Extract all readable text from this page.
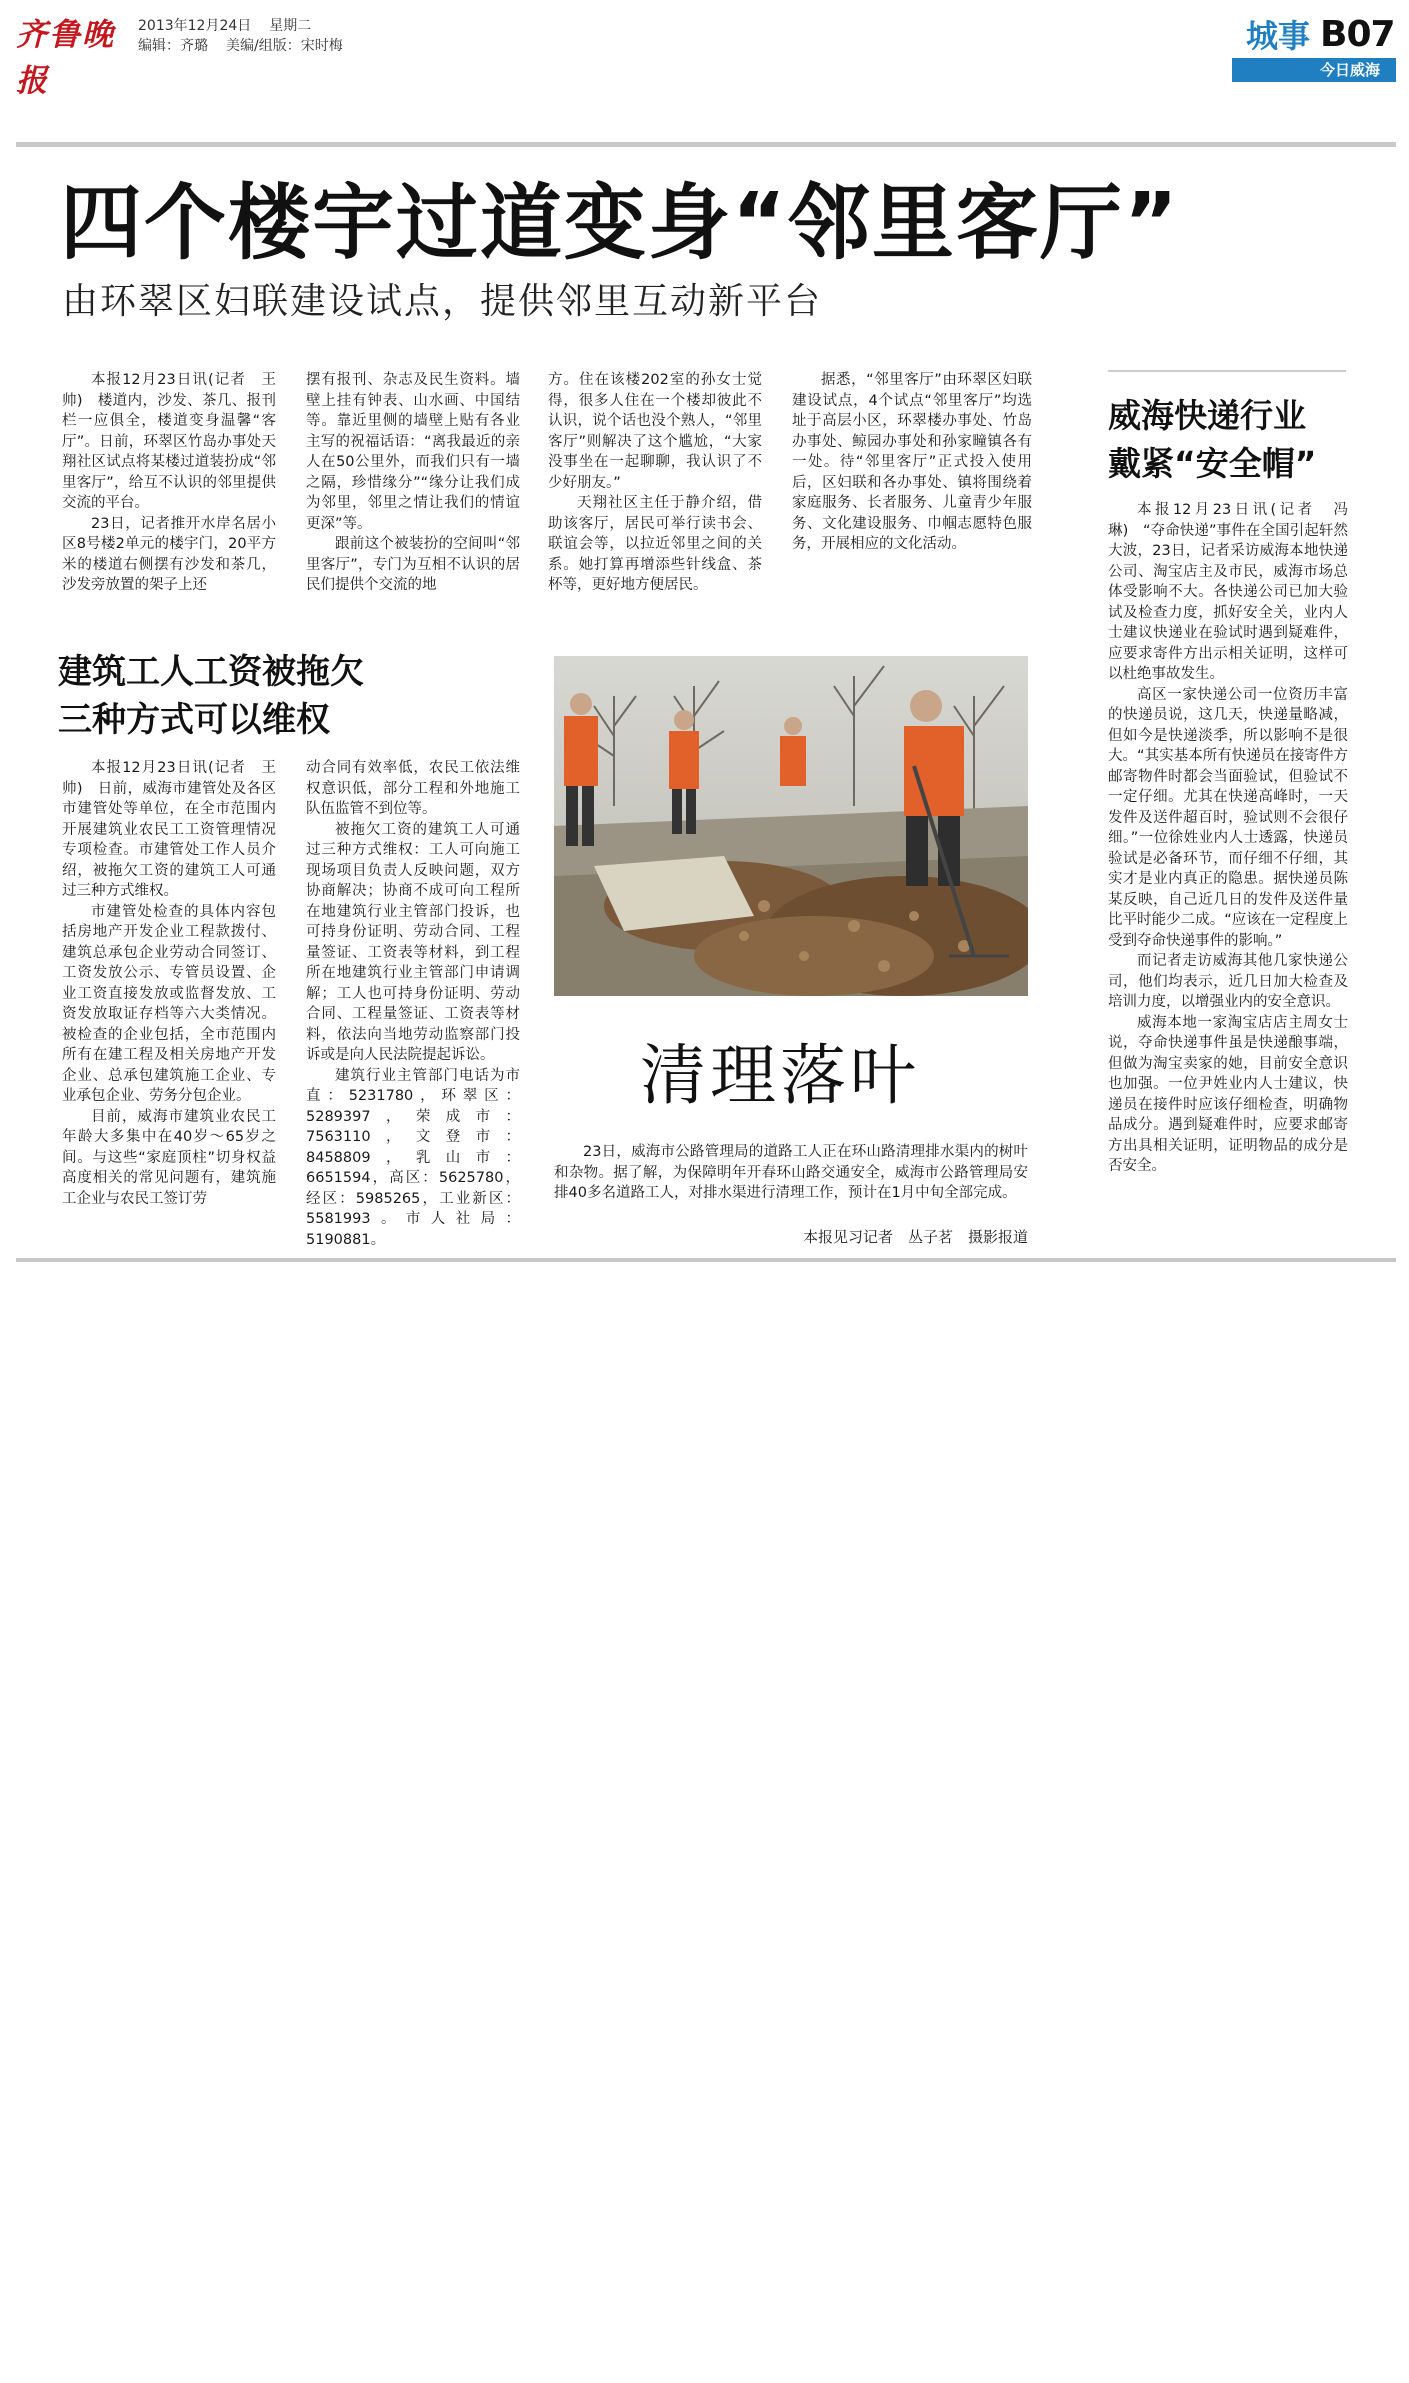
齐鲁晚报
2013年12月24日 星期二
编辑：齐璐 美编/组版：宋时梅	城事 B07
今日威海
四个楼宇过道变身“邻里客厅”
由环翠区妇联建设试点，提供邻里互动新平台

本报12月23日讯(记者　王帅)　楼道内，沙发、茶几、报刊栏一应俱全，楼道变身温馨“客厅”。日前，环翠区竹岛办事处天翔社区试点将某楼过道装扮成“邻里客厅”，给互不认识的邻里提供交流的平台。

23日，记者推开水岸名居小区8号楼2单元的楼宇门，20平方米的楼道右侧摆有沙发和茶几，沙发旁放置的架子上还

摆有报刊、杂志及民生资料。墙壁上挂有钟表、山水画、中国结等。靠近里侧的墙壁上贴有各业主写的祝福话语：“离我最近的亲人在50公里外，而我们只有一墙之隔，珍惜缘分”“缘分让我们成为邻里，邻里之情让我们的情谊更深”等。

跟前这个被装扮的空间叫“邻里客厅”，专门为互相不认识的居民们提供个交流的地

方。住在该楼202室的孙女士觉得，很多人住在一个楼却彼此不认识，说个话也没个熟人，“邻里客厅”则解决了这个尴尬，“大家没事坐在一起聊聊，我认识了不少好朋友。”

天翔社区主任于静介绍，借助该客厅，居民可举行读书会、联谊会等，以拉近邻里之间的关系。她打算再增添些针线盒、茶杯等，更好地方便居民。

据悉，“邻里客厅”由环翠区妇联建设试点，4个试点“邻里客厅”均选址于高层小区，环翠楼办事处、竹岛办事处、鲸园办事处和孙家疃镇各有一处。待“邻里客厅”正式投入使用后，区妇联和各办事处、镇将围绕着家庭服务、长者服务、儿童青少年服务、文化建设服务、巾帼志愿特色服务，开展相应的文化活动。

威海快递行业
戴紧“安全帽”

本报12月23日讯(记者　冯琳)　“夺命快递”事件在全国引起轩然大波，23日，记者采访威海本地快递公司、淘宝店主及市民，威海市场总体受影响不大。各快递公司已加大验试及检查力度，抓好安全关，业内人士建议快递业在验试时遇到疑难件，应要求寄件方出示相关证明，这样可以杜绝事故发生。

高区一家快递公司一位资历丰富的快递员说，这几天，快递量略减，但如今是快递淡季，所以影响不是很大。“其实基本所有快递员在接寄件方邮寄物件时都会当面验试，但验试不一定仔细。尤其在快递高峰时，一天发件及送件超百时，验试则不会很仔细。”一位徐姓业内人士透露，快递员验试是必备环节，而仔细不仔细，其实才是业内真正的隐患。据快递员陈某反映，自己近几日的发件及送件量比平时能少二成。“应该在一定程度上受到夺命快递事件的影响。”

而记者走访威海其他几家快递公司，他们均表示，近几日加大检查及培训力度，以增强业内的安全意识。

威海本地一家淘宝店店主周女士说，夺命快递事件虽是快递酿事端，但做为淘宝卖家的她，目前安全意识也加强。一位尹姓业内人士建议，快递员在接件时应该仔细检查，明确物品成分。遇到疑难件时，应要求邮寄方出具相关证明，证明物品的成分是否安全。

建筑工人工资被拖欠
三种方式可以维权

本报12月23日讯(记者　王帅)　日前，威海市建管处及各区市建管处等单位，在全市范围内开展建筑业农民工工资管理情况专项检查。市建管处工作人员介绍，被拖欠工资的建筑工人可通过三种方式维权。

市建管处检查的具体内容包括房地产开发企业工程款拨付、建筑总承包企业劳动合同签订、工资发放公示、专管员设置、企业工资直接发放或监督发放、工资发放取证存档等六大类情况。被检查的企业包括，全市范围内所有在建工程及相关房地产开发企业、总承包建筑施工企业、专业承包企业、劳务分包企业。

目前，威海市建筑业农民工年龄大多集中在40岁～65岁之间。与这些“家庭顶柱”切身权益高度相关的常见问题有，建筑施工企业与农民工签订劳

动合同有效率低，农民工依法维权意识低，部分工程和外地施工队伍监管不到位等。

被拖欠工资的建筑工人可通过三种方式维权：工人可向施工现场项目负责人反映问题，双方协商解决；协商不成可向工程所在地建筑行业主管部门投诉，也可持身份证明、劳动合同、工程量签证、工资表等材料，到工程所在地建筑行业主管部门申请调解；工人也可持身份证明、劳动合同、工程量签证、工资表等材料，依法向当地劳动监察部门投诉或是向人民法院提起诉讼。

建筑行业主管部门电话为市直：5231780，环翠区：5289397，荣成市：7563110，文登市：8458809，乳山市：6651594，高区：5625780，经区：5985265，工业新区：5581993。市人社局：5190881。

清理落叶

23日，威海市公路管理局的道路工人正在环山路清理排水渠内的树叶和杂物。据了解，为保障明年开春环山路交通安全，威海市公路管理局安排40多名道路工人，对排水渠进行清理工作，预计在1月中旬全部完成。

本报见习记者　丛子茗　摄影报道
